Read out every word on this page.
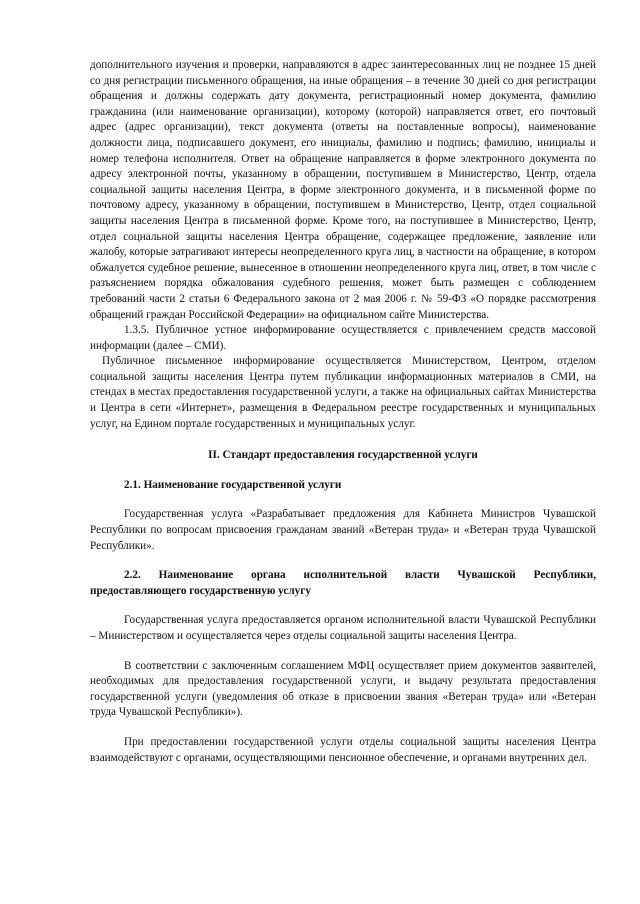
дополнительного изучения и проверки, направляются в адрес заинтересованных лиц не позднее 15 дней со дня регистрации письменного обращения, на иные обращения – в течение 30 дней со дня регистрации обращения и должны содержать дату документа, регистрационный номер документа, фамилию гражданина (или наименование организации), которому (которой) направляется ответ, его почтовый адрес (адрес организации), текст документа (ответы на поставленные вопросы), наименование должности лица, подписавшего документ, его инициалы, фамилию и подпись; фамилию, инициалы и номер телефона исполнителя. Ответ на обращение направляется в форме электронного документа по адресу электронной почты, указанному в обращении, поступившем в Министерство, Центр, отдела социальной защиты населения Центра, в форме электронного документа, и в письменной форме по почтовому адресу, указанному в обращении, поступившем в Министерство, Центр, отдел социальной защиты населения Центра в письменной форме. Кроме того, на поступившее в Министерство, Центр, отдел социальной защиты населения Центра обращение, содержащее предложение, заявление или жалобу, которые затрагивают интересы неопределенного круга лиц, в частности на обращение, в котором обжалуется судебное решение, вынесенное в отношении неопределенного круга лиц, ответ, в том числе с разъяснением порядка обжалования судебного решения, может быть размещен с соблюдением требований части 2 статьи 6 Федерального закона от 2 мая 2006 г. № 59-ФЗ «О порядке рассмотрения обращений граждан Российской Федерации» на официальном сайте Министерства.

1.3.5. Публичное устное информирование осуществляется с привлечением средств массовой информации (далее – СМИ).

Публичное письменное информирование осуществляется Министерством, Центром, отделом социальной защиты населения Центра путем публикации информационных материалов в СМИ, на стендах в местах предоставления государственной услуги, а также на официальных сайтах Министерства и Центра в сети «Интернет», размещения в Федеральном реестре государственных и муниципальных услуг, на Едином портале государственных и муниципальных услуг.

II. Стандарт предоставления государственной услуги

2.1. Наименование государственной услуги

Государственная услуга «Разрабатывает предложения для Кабинета Министров Чувашской Республики по вопросам присвоения гражданам званий «Ветеран труда» и «Ветеран труда Чувашской Республики».

2.2. Наименование органа исполнительной власти Чувашской Республики, предоставляющего государственную услугу

Государственная услуга предоставляется органом исполнительной власти Чувашской Республики – Министерством и осуществляется через отделы социальной защиты населения Центра.

В соответствии с заключенным соглашением МФЦ осуществляет прием документов заявителей, необходимых для предоставления государственной услуги, и выдачу результата предоставления государственной услуги (уведомления об отказе в присвоении звания «Ветеран труда» или «Ветеран труда Чувашской Республики»).

При предоставлении государственной услуги отделы социальной защиты населения Центра взаимодействуют с органами, осуществляющими пенсионное обеспечение, и органами внутренних дел.
